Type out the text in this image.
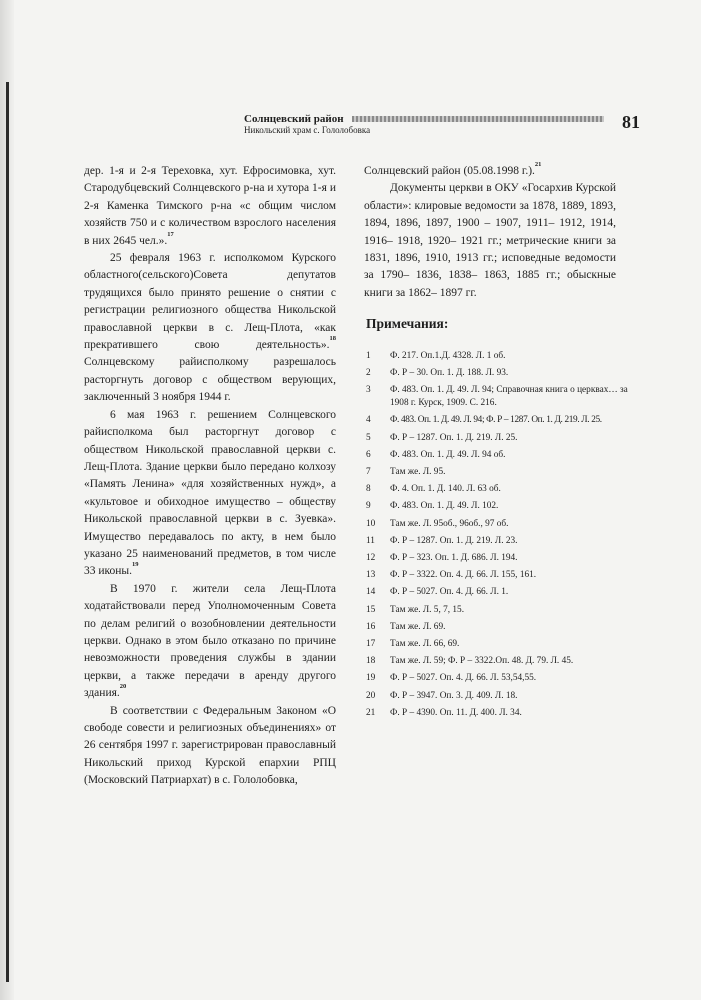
Солнцевский район
Никольский храм с. Гололобовка	81

дер. 1-я и 2-я Тереховка, хут. Ефросимовка, хут. Стародубцевский Солнцевского р-на и хутора 1-я и 2-я Каменка Тимского р-на «с общим числом хозяйств 750 и с количеством взрослого населения в них 2645 чел.».$^{17}$

25 февраля 1963 г. исполкомом Курского областного(сельского)Совета депутатов трудящихся было принято решение о снятии с регистрации религиозного общества Никольской православной церкви в с. Лещ-Плота, «как прекратившего свою деятельность».$^{18}$ Солнцевскому райисполкому разрешалось расторгнуть договор с обществом верующих, заключенный 3 ноября 1944 г.

6 мая 1963 г. решением Солнцевского райисполкома был расторгнут договор с обществом Никольской православной церкви с. Лещ-Плота. Здание церкви было передано колхозу «Память Ленина» «для хозяйственных нужд», а «культовое и обиходное имущество – обществу Никольской православной церкви в с. Зуевка». Имущество передавалось по акту, в нем было указано 25 наименований предметов, в том числе 33 иконы.$^{19}$

В 1970 г. жители села Лещ-Плота ходатайствовали перед Уполномоченным Совета по делам религий о возобновлении деятельности церкви. Однако в этом было отказано по причине невозможности проведения службы в здании церкви, а также передачи в аренду другого здания.$^{20}$

В соответствии с Федеральным Законом «О свободе совести и религиозных объединениях» от 26 сентября 1997 г. зарегистрирован православный Никольский приход Курской епархии РПЦ (Московский Патриархат) в с. Гололобовка,

Солнцевский район (05.08.1998 г.).$^{21}$

Документы церкви в ОКУ «Госархив Курской области»: клировые ведомости за 1878, 1889, 1893, 1894, 1896, 1897, 1900 – 1907, 1911– 1912, 1914, 1916– 1918, 1920– 1921 гг.; метрические книги за 1831, 1896, 1910, 1913 гг.; исповедные ведомости за 1790– 1836, 1838– 1863, 1885 гг.; обыскные книги за 1862– 1897 гг.

Примечания:
1	Ф. 217. Оп.1.Д. 4328. Л. 1 об.
2	Ф. Р – 30. Оп. 1. Д. 188. Л. 93.
3	Ф. 483. Оп. 1. Д. 49. Л. 94; Справочная книга о церквах… за 1908 г. Курск, 1909. С. 216.
4	Ф. 483. Оп. 1. Д. 49. Л. 94; Ф. Р – 1287. Оп. 1. Д. 219. Л. 25.
5	Ф. Р – 1287. Оп. 1. Д. 219. Л. 25.
6	Ф. 483. Оп. 1. Д. 49. Л. 94 об.
7	Там же. Л. 95.
8	Ф. 4. Оп. 1. Д. 140. Л. 63 об.
9	Ф. 483. Оп. 1. Д. 49. Л. 102.
10	Там же. Л. 95об., 96об., 97 об.
11	Ф. Р – 1287. Оп. 1. Д. 219. Л. 23.
12	Ф. Р – 323. Оп. 1. Д. 686. Л. 194.
13	Ф. Р – 3322. Оп. 4. Д. 66. Л. 155, 161.
14	Ф. Р – 5027. Оп. 4. Д. 66. Л. 1.
15	Там же. Л. 5, 7, 15.
16	Там же. Л. 69.
17	Там же. Л. 66, 69.
18	Там же. Л. 59; Ф. Р – 3322.Оп. 48. Д. 79. Л. 45.
19	Ф. Р – 5027. Оп. 4. Д. 66. Л. 53,54,55.
20	Ф. Р – 3947. Оп. 3. Д. 409. Л. 18.
21	Ф. Р – 4390. Оп. 11. Д. 400. Л. 34.
